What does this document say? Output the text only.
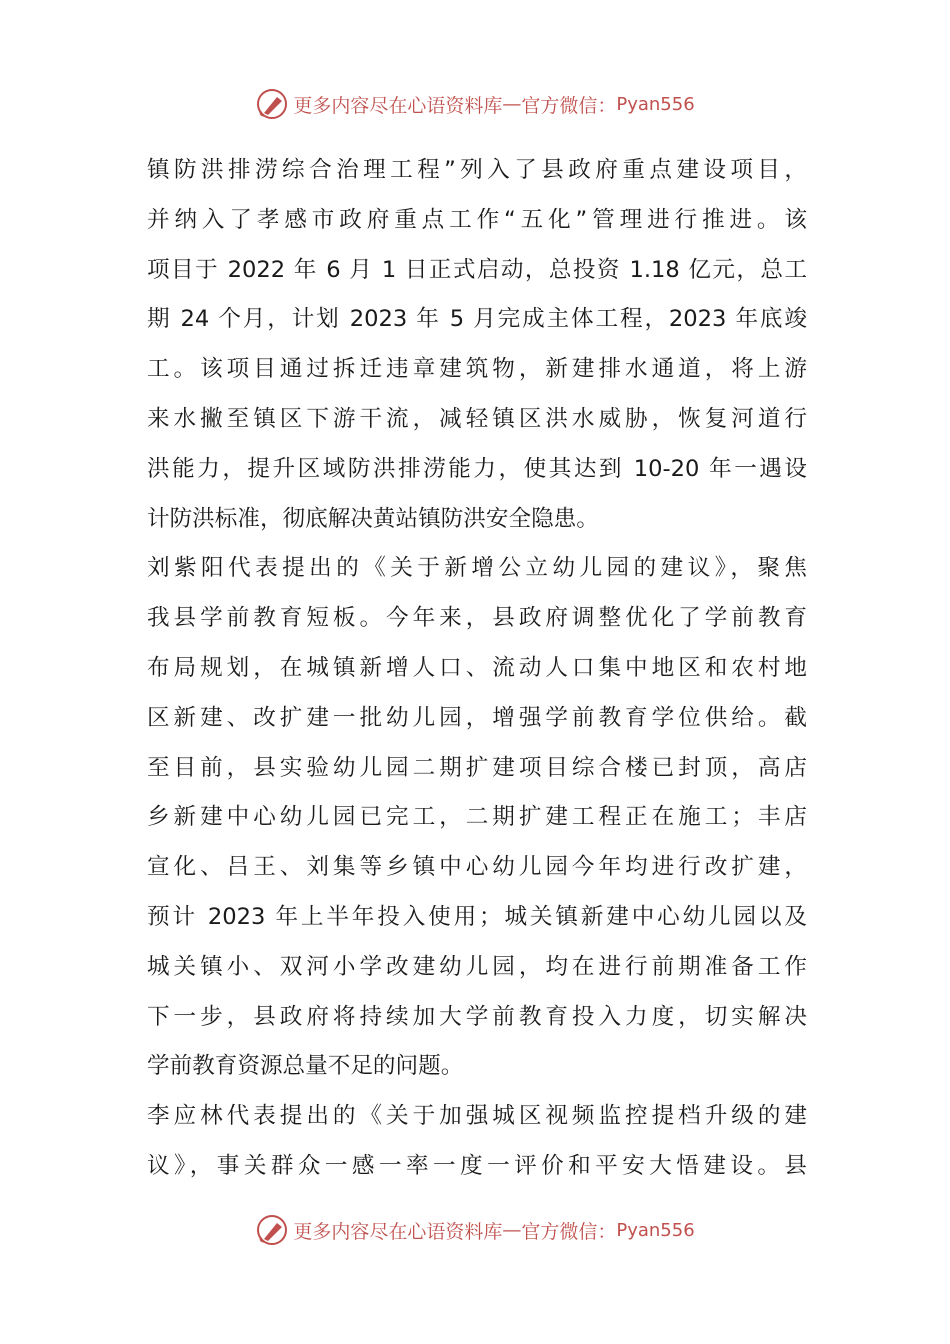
更多内容尽在心语资料库 — 官方微信： Pyan556
镇防洪排涝综合治理工程”列入了县政府重点建设项目，
并纳入了孝感市政府重点工作“五化”管理进行推进。该
项目于 2022 年 6 月 1 日正式启动，总投资 1.18 亿元，总工
期 24 个月，计划 2023 年 5 月完成主体工程，2023 年底竣
工。该项目通过拆迁违章建筑物，新建排水通道，将上游
来水撇至镇区下游干流，减轻镇区洪水威胁，恢复河道行
洪能力，提升区域防洪排涝能力，使其达到 10-20 年一遇设
计防洪标准，彻底解决黄站镇防洪安全隐患。
刘紫阳代表提出的《关于新增公立幼儿园的建议》，聚焦
我县学前教育短板。今年来，县政府调整优化了学前教育
布局规划，在城镇新增人口、流动人口集中地区和农村地
区新建、改扩建一批幼儿园，增强学前教育学位供给。截
至目前，县实验幼儿园二期扩建项目综合楼已封顶，高店
乡新建中心幼儿园已完工，二期扩建工程正在施工；丰店
宣化、吕王、刘集等乡镇中心幼儿园今年均进行改扩建，
预计 2023 年上半年投入使用；城关镇新建中心幼儿园以及
城关镇小、双河小学改建幼儿园，均在进行前期准备工作
下一步，县政府将持续加大学前教育投入力度，切实解决
学前教育资源总量不足的问题。
李应林代表提出的《关于加强城区视频监控提档升级的建
议》，事关群众一感一率一度一评价和平安大悟建设。县
更多内容尽在心语资料库 — 官方微信： Pyan556
